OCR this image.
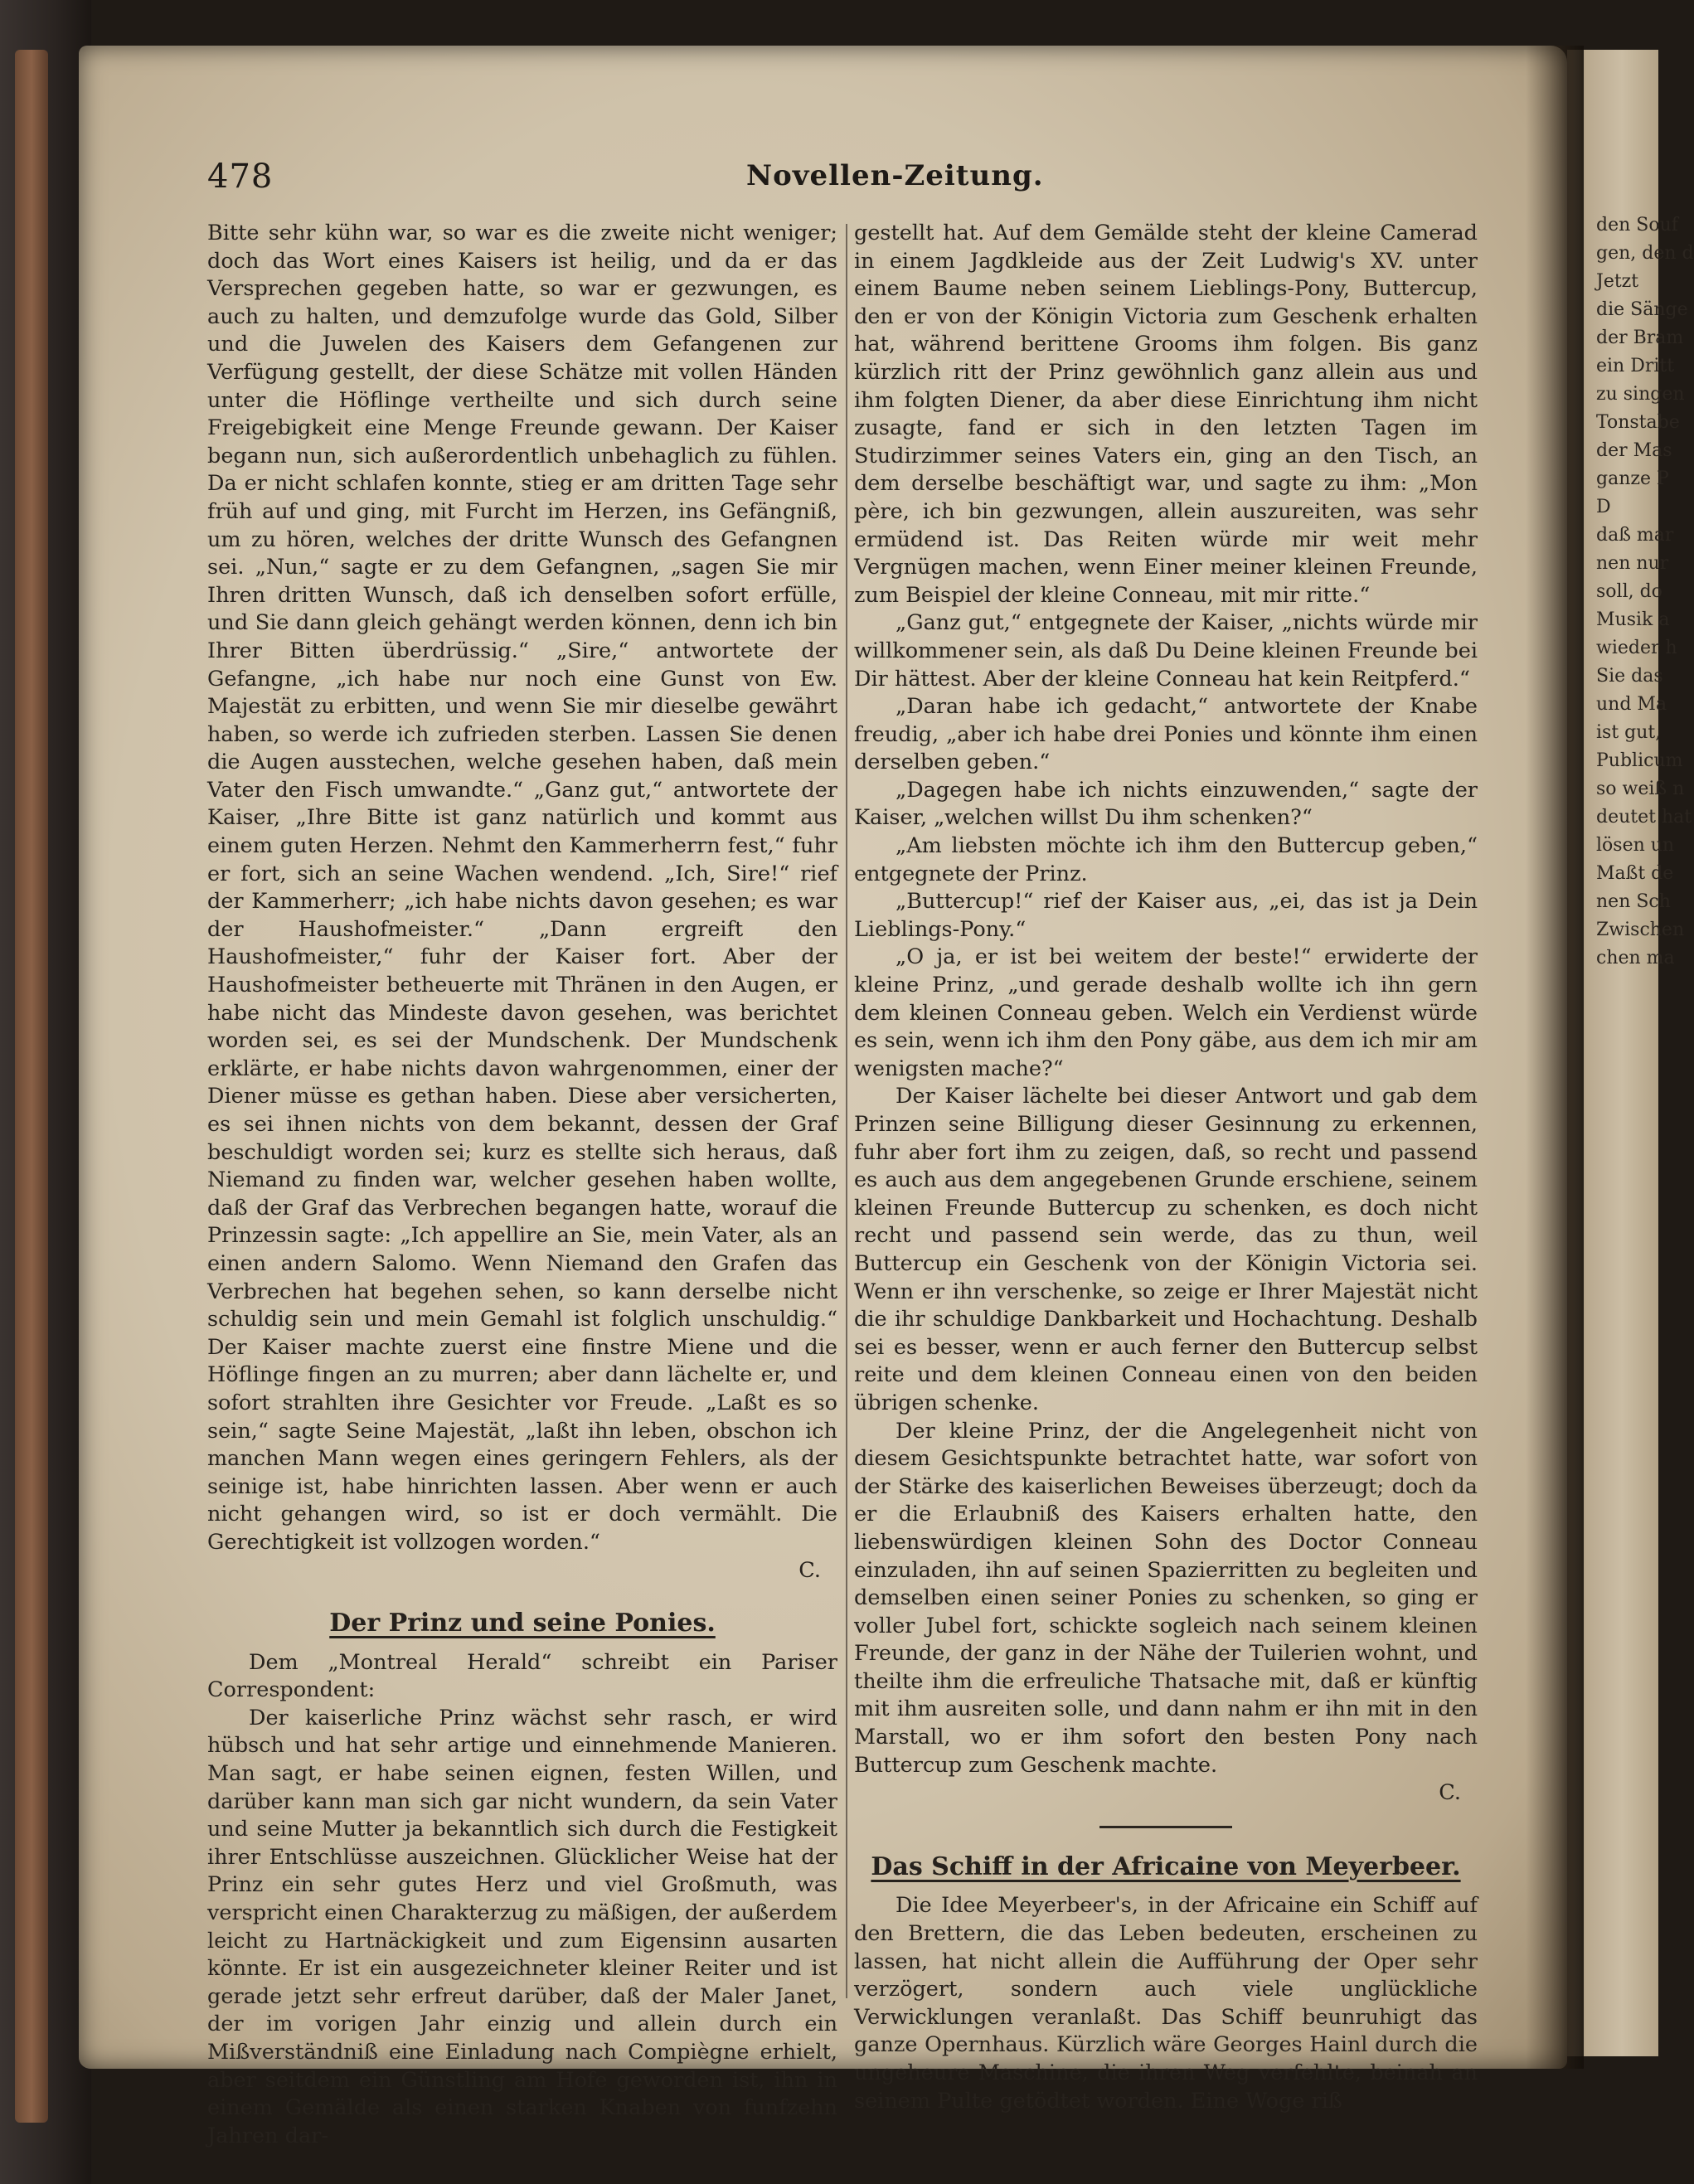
478	Novellen-Zeitung.

Bitte sehr kühn war, so war es die zweite nicht weniger; doch das Wort eines Kaisers ist heilig, und da er das Versprechen gegeben hatte, so war er gezwungen, es auch zu halten, und demzufolge wurde das Gold, Silber und die Juwelen des Kaisers dem Gefangenen zur Verfügung gestellt, der diese Schätze mit vollen Händen unter die Höflinge vertheilte und sich durch seine Freigebigkeit eine Menge Freunde gewann. Der Kaiser begann nun, sich außerordentlich unbehaglich zu fühlen. Da er nicht schlafen konnte, stieg er am dritten Tage sehr früh auf und ging, mit Furcht im Herzen, ins Gefängniß, um zu hören, welches der dritte Wunsch des Gefangnen sei. „Nun,“ sagte er zu dem Gefangnen, „sagen Sie mir Ihren dritten Wunsch, daß ich denselben sofort erfülle, und Sie dann gleich gehängt werden können, denn ich bin Ihrer Bitten überdrüssig.“ „Sire,“ antwortete der Gefangne, „ich habe nur noch eine Gunst von Ew. Majestät zu erbitten, und wenn Sie mir dieselbe gewährt haben, so werde ich zufrieden sterben. Lassen Sie denen die Augen ausstechen, welche gesehen haben, daß mein Vater den Fisch umwandte.“ „Ganz gut,“ antwortete der Kaiser, „Ihre Bitte ist ganz natürlich und kommt aus einem guten Herzen. Nehmt den Kammerherrn fest,“ fuhr er fort, sich an seine Wachen wendend. „Ich, Sire!“ rief der Kammerherr; „ich habe nichts davon gesehen; es war der Haushofmeister.“ „Dann ergreift den Haushofmeister,“ fuhr der Kaiser fort. Aber der Haushofmeister betheuerte mit Thränen in den Augen, er habe nicht das Mindeste davon gesehen, was berichtet worden sei, es sei der Mundschenk. Der Mundschenk erklärte, er habe nichts davon wahrgenommen, einer der Diener müsse es gethan haben. Diese aber versicherten, es sei ihnen nichts von dem bekannt, dessen der Graf beschuldigt worden sei; kurz es stellte sich heraus, daß Niemand zu finden war, welcher gesehen haben wollte, daß der Graf das Verbrechen begangen hatte, worauf die Prinzessin sagte: „Ich appellire an Sie, mein Vater, als an einen andern Salomo. Wenn Niemand den Grafen das Verbrechen hat begehen sehen, so kann derselbe nicht schuldig sein und mein Gemahl ist folglich unschuldig.“ Der Kaiser machte zuerst eine finstre Miene und die Höflinge fingen an zu murren; aber dann lächelte er, und sofort strahlten ihre Gesichter vor Freude. „Laßt es so sein,“ sagte Seine Majestät, „laßt ihn leben, obschon ich manchen Mann wegen eines geringern Fehlers, als der seinige ist, habe hinrichten lassen. Aber wenn er auch nicht gehangen wird, so ist er doch vermählt. Die Gerechtigkeit ist vollzogen worden.“

C.

Der Prinz und seine Ponies.

Dem „Montreal Herald“ schreibt ein Pariser Correspondent:

Der kaiserliche Prinz wächst sehr rasch, er wird hübsch und hat sehr artige und einnehmende Manieren. Man sagt, er habe seinen eignen, festen Willen, und darüber kann man sich gar nicht wundern, da sein Vater und seine Mutter ja bekanntlich sich durch die Festigkeit ihrer Entschlüsse auszeichnen. Glücklicher Weise hat der Prinz ein sehr gutes Herz und viel Großmuth, was verspricht einen Charakterzug zu mäßigen, der außerdem leicht zu Hartnäckigkeit und zum Eigensinn ausarten könnte. Er ist ein ausgezeichneter kleiner Reiter und ist gerade jetzt sehr erfreut darüber, daß der Maler Janet, der im vorigen Jahr einzig und allein durch ein Mißverständniß eine Einladung nach Compiègne erhielt, aber seitdem ein Günstling am Hofe geworden ist, ihn in einem Gemälde als einen starken Knaben von funfzehn Jahren dar-

gestellt hat. Auf dem Gemälde steht der kleine Camerad in einem Jagdkleide aus der Zeit Ludwig's XV. unter einem Baume neben seinem Lieblings-Pony, Buttercup, den er von der Königin Victoria zum Geschenk erhalten hat, während berittene Grooms ihm folgen. Bis ganz kürzlich ritt der Prinz gewöhnlich ganz allein aus und ihm folgten Diener, da aber diese Einrichtung ihm nicht zusagte, fand er sich in den letzten Tagen im Studirzimmer seines Vaters ein, ging an den Tisch, an dem derselbe beschäftigt war, und sagte zu ihm: „Mon père, ich bin gezwungen, allein auszureiten, was sehr ermüdend ist. Das Reiten würde mir weit mehr Vergnügen machen, wenn Einer meiner kleinen Freunde, zum Beispiel der kleine Conneau, mit mir ritte.“

„Ganz gut,“ entgegnete der Kaiser, „nichts würde mir willkommener sein, als daß Du Deine kleinen Freunde bei Dir hättest. Aber der kleine Conneau hat kein Reitpferd.“

„Daran habe ich gedacht,“ antwortete der Knabe freudig, „aber ich habe drei Ponies und könnte ihm einen derselben geben.“

„Dagegen habe ich nichts einzuwenden,“ sagte der Kaiser, „welchen willst Du ihm schenken?“

„Am liebsten möchte ich ihm den Buttercup geben,“ entgegnete der Prinz.

„Buttercup!“ rief der Kaiser aus, „ei, das ist ja Dein Lieblings-Pony.“

„O ja, er ist bei weitem der beste!“ erwiderte der kleine Prinz, „und gerade deshalb wollte ich ihn gern dem kleinen Conneau geben. Welch ein Verdienst würde es sein, wenn ich ihm den Pony gäbe, aus dem ich mir am wenigsten mache?“

Der Kaiser lächelte bei dieser Antwort und gab dem Prinzen seine Billigung dieser Gesinnung zu erkennen, fuhr aber fort ihm zu zeigen, daß, so recht und passend es auch aus dem angegebenen Grunde erschiene, seinem kleinen Freunde Buttercup zu schenken, es doch nicht recht und passend sein werde, das zu thun, weil Buttercup ein Geschenk von der Königin Victoria sei. Wenn er ihn verschenke, so zeige er Ihrer Majestät nicht die ihr schuldige Dankbarkeit und Hochachtung. Deshalb sei es besser, wenn er auch ferner den Buttercup selbst reite und dem kleinen Conneau einen von den beiden übrigen schenke.

Der kleine Prinz, der die Angelegenheit nicht von diesem Gesichtspunkte betrachtet hatte, war sofort von der Stärke des kaiserlichen Beweises überzeugt; doch da er die Erlaubniß des Kaisers erhalten hatte, den liebenswürdigen kleinen Sohn des Doctor Conneau einzuladen, ihn auf seinen Spazierritten zu begleiten und demselben einen seiner Ponies zu schenken, so ging er voller Jubel fort, schickte sogleich nach seinem kleinen Freunde, der ganz in der Nähe der Tuilerien wohnt, und theilte ihm die erfreuliche Thatsache mit, daß er künftig mit ihm ausreiten solle, und dann nahm er ihn mit in den Marstall, wo er ihm sofort den besten Pony nach Buttercup zum Geschenk machte.

C.

Das Schiff in der Africaine von Meyerbeer.

Die Idee Meyerbeer's, in der Africaine ein Schiff auf den Brettern, die das Leben bedeuten, erscheinen zu lassen, hat nicht allein die Aufführung der Oper sehr verzögert, sondern auch viele unglückliche Verwicklungen veranlaßt. Das Schiff beunruhigt das ganze Opernhaus. Kürzlich wäre Georges Hainl durch die ungeheure Maschine, die ihren Weg verfehlte, beinah an seinem Pulte getödtet worden. Eine Woge riß

den Souf
gen, den d
Jetzt
die Sänge
der Bram
ein Dritt
zu singen
Tonstabe
der Mas
ganze P
D
daß mar
nen nur
soll, do
Musik a
wieder h
Sie das
und Ma
ist gut,
Publicum
so weiß n
deutet hat
lösen un
Maßt de
nen Sch
Zwischen
chen ma
